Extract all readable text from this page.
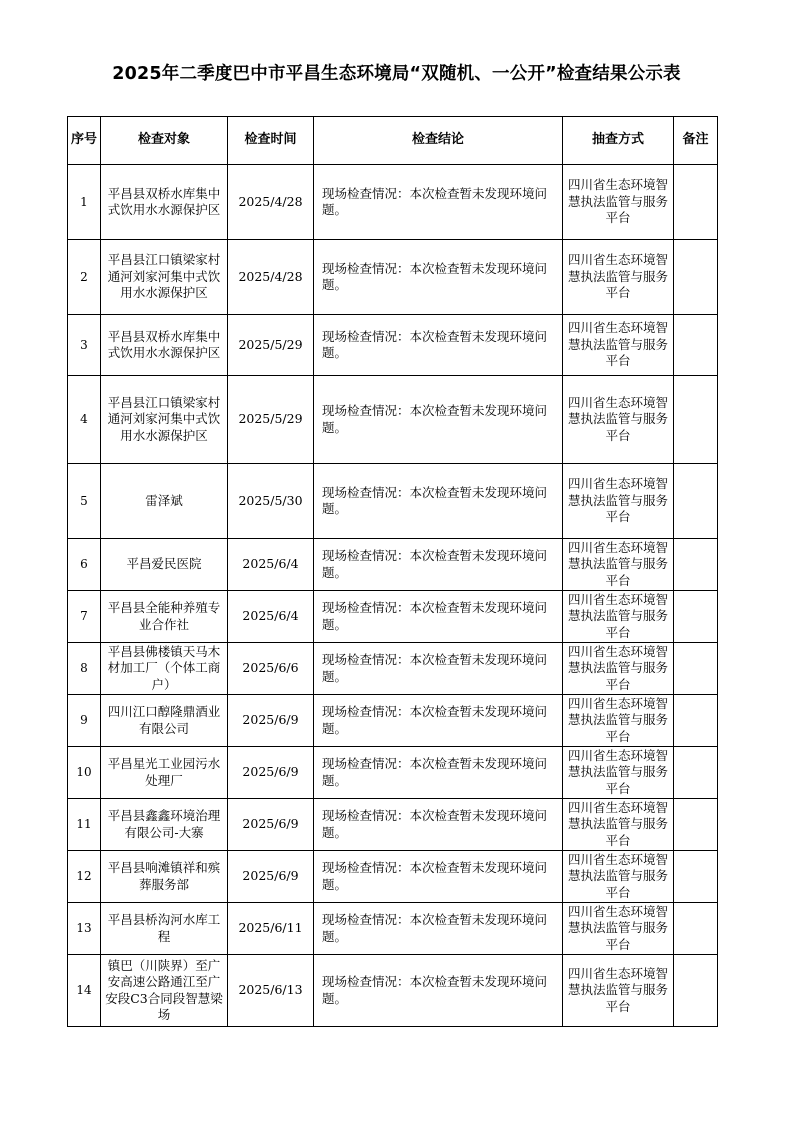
2025年二季度巴中市平昌生态环境局“双随机、一公开”检查结果公示表
序号	检查对象	检查时间	检查结论	抽查方式	备注
1	平昌县双桥水库集中式饮用水水源保护区	2025/4/28	现场检查情况：本次检查暂未发现环境问题。	四川省生态环境智慧执法监管与服务平台	
2	平昌县江口镇梁家村通河刘家河集中式饮用水水源保护区	2025/4/28	现场检查情况：本次检查暂未发现环境问题。	四川省生态环境智慧执法监管与服务平台	
3	平昌县双桥水库集中式饮用水水源保护区	2025/5/29	现场检查情况：本次检查暂未发现环境问题。	四川省生态环境智慧执法监管与服务平台	
4	平昌县江口镇梁家村通河刘家河集中式饮用水水源保护区	2025/5/29	现场检查情况：本次检查暂未发现环境问题。	四川省生态环境智慧执法监管与服务平台	
5	雷泽斌	2025/5/30	现场检查情况：本次检查暂未发现环境问题。	四川省生态环境智慧执法监管与服务平台	
6	平昌爱民医院	2025/6/4	现场检查情况：本次检查暂未发现环境问题。	四川省生态环境智慧执法监管与服务平台	
7	平昌县全能种养殖专业合作社	2025/6/4	现场检查情况：本次检查暂未发现环境问题。	四川省生态环境智慧执法监管与服务平台	
8	平昌县佛楼镇天马木材加工厂（个体工商户）	2025/6/6	现场检查情况：本次检查暂未发现环境问题。	四川省生态环境智慧执法监管与服务平台	
9	四川江口醇隆鼎酒业有限公司	2025/6/9	现场检查情况：本次检查暂未发现环境问题。	四川省生态环境智慧执法监管与服务平台	
10	平昌星光工业园污水处理厂	2025/6/9	现场检查情况：本次检查暂未发现环境问题。	四川省生态环境智慧执法监管与服务平台	
11	平昌县鑫鑫环境治理有限公司-大寨	2025/6/9	现场检查情况：本次检查暂未发现环境问题。	四川省生态环境智慧执法监管与服务平台	
12	平昌县响滩镇祥和殡葬服务部	2025/6/9	现场检查情况：本次检查暂未发现环境问题。	四川省生态环境智慧执法监管与服务平台	
13	平昌县桥沟河水库工程	2025/6/11	现场检查情况：本次检查暂未发现环境问题。	四川省生态环境智慧执法监管与服务平台	
14	镇巴（川陕界）至广安高速公路通江至广安段C3合同段智慧梁场	2025/6/13	现场检查情况：本次检查暂未发现环境问题。	四川省生态环境智慧执法监管与服务平台	
